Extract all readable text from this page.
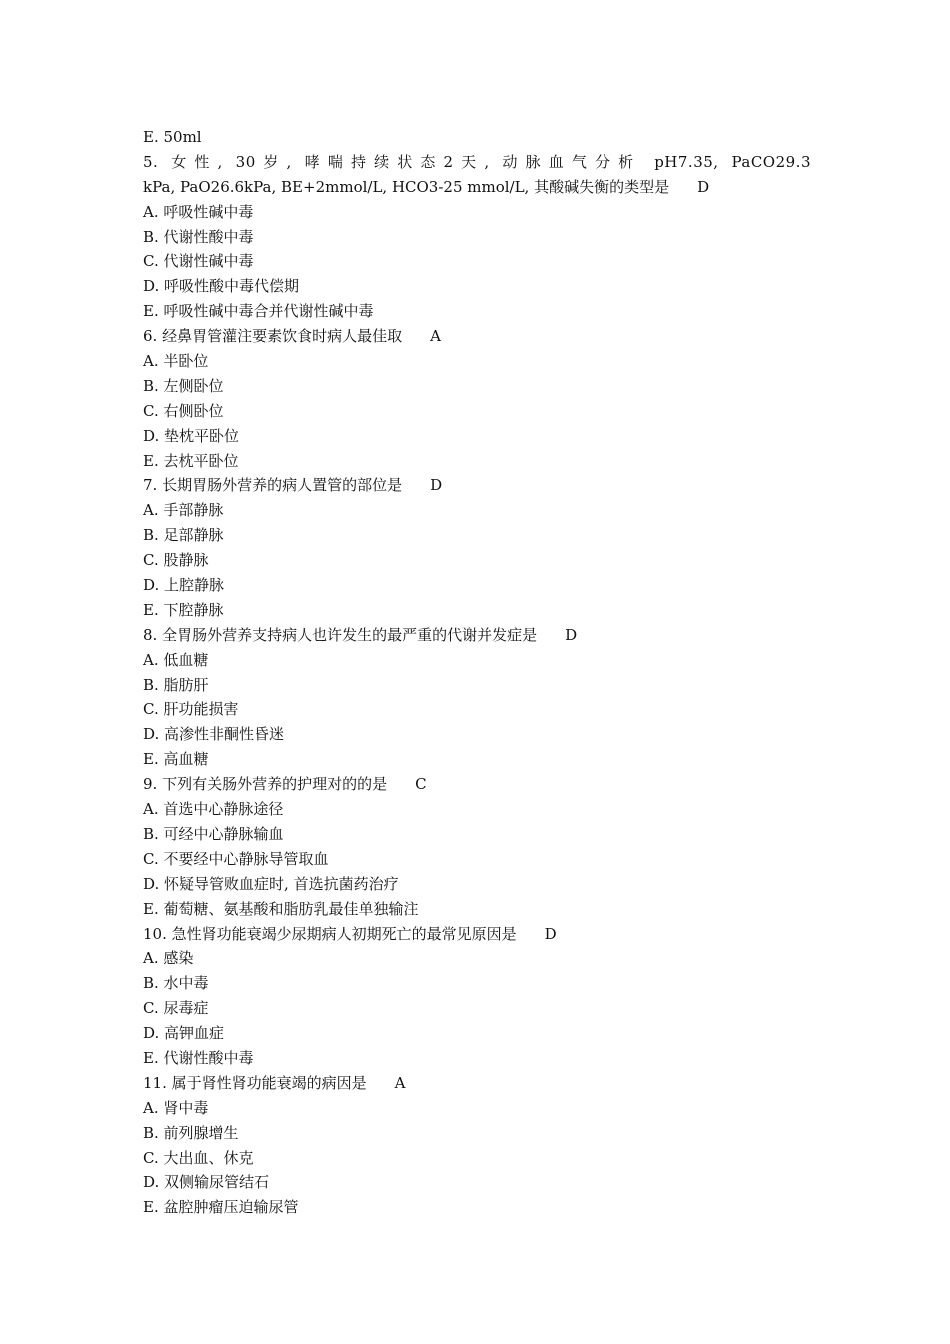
E. 50ml
5. 女性, 30岁, 哮喘持续状态2天, 动脉血气分析 pH7.35, PaCO29.3
kPa, PaO26.6kPa, BE+2mmol/L, HCO3-25 mmol/L, 其酸碱失衡的类型是 D
A. 呼吸性碱中毒
B. 代谢性酸中毒
C. 代谢性碱中毒
D. 呼吸性酸中毒代偿期
E. 呼吸性碱中毒合并代谢性碱中毒
6. 经鼻胃管灌注要素饮食时病人最佳取 A
A. 半卧位
B. 左侧卧位
C. 右侧卧位
D. 垫枕平卧位
E. 去枕平卧位
7. 长期胃肠外营养的病人置管的部位是 D
A. 手部静脉
B. 足部静脉
C. 股静脉
D. 上腔静脉
E. 下腔静脉
8. 全胃肠外营养支持病人也许发生的最严重的代谢并发症是 D
A. 低血糖
B. 脂肪肝
C. 肝功能损害
D. 高渗性非酮性昏迷
E. 高血糖
9. 下列有关肠外营养的护理对的的是 C
A. 首选中心静脉途径
B. 可经中心静脉输血
C. 不要经中心静脉导管取血
D. 怀疑导管败血症时, 首选抗菌药治疗
E. 葡萄糖、氨基酸和脂肪乳最佳单独输注
10. 急性肾功能衰竭少尿期病人初期死亡的最常见原因是 D
A. 感染
B. 水中毒
C. 尿毒症
D. 高钾血症
E. 代谢性酸中毒
11. 属于肾性肾功能衰竭的病因是 A
A. 肾中毒
B. 前列腺增生
C. 大出血、休克
D. 双侧输尿管结石
E. 盆腔肿瘤压迫输尿管
